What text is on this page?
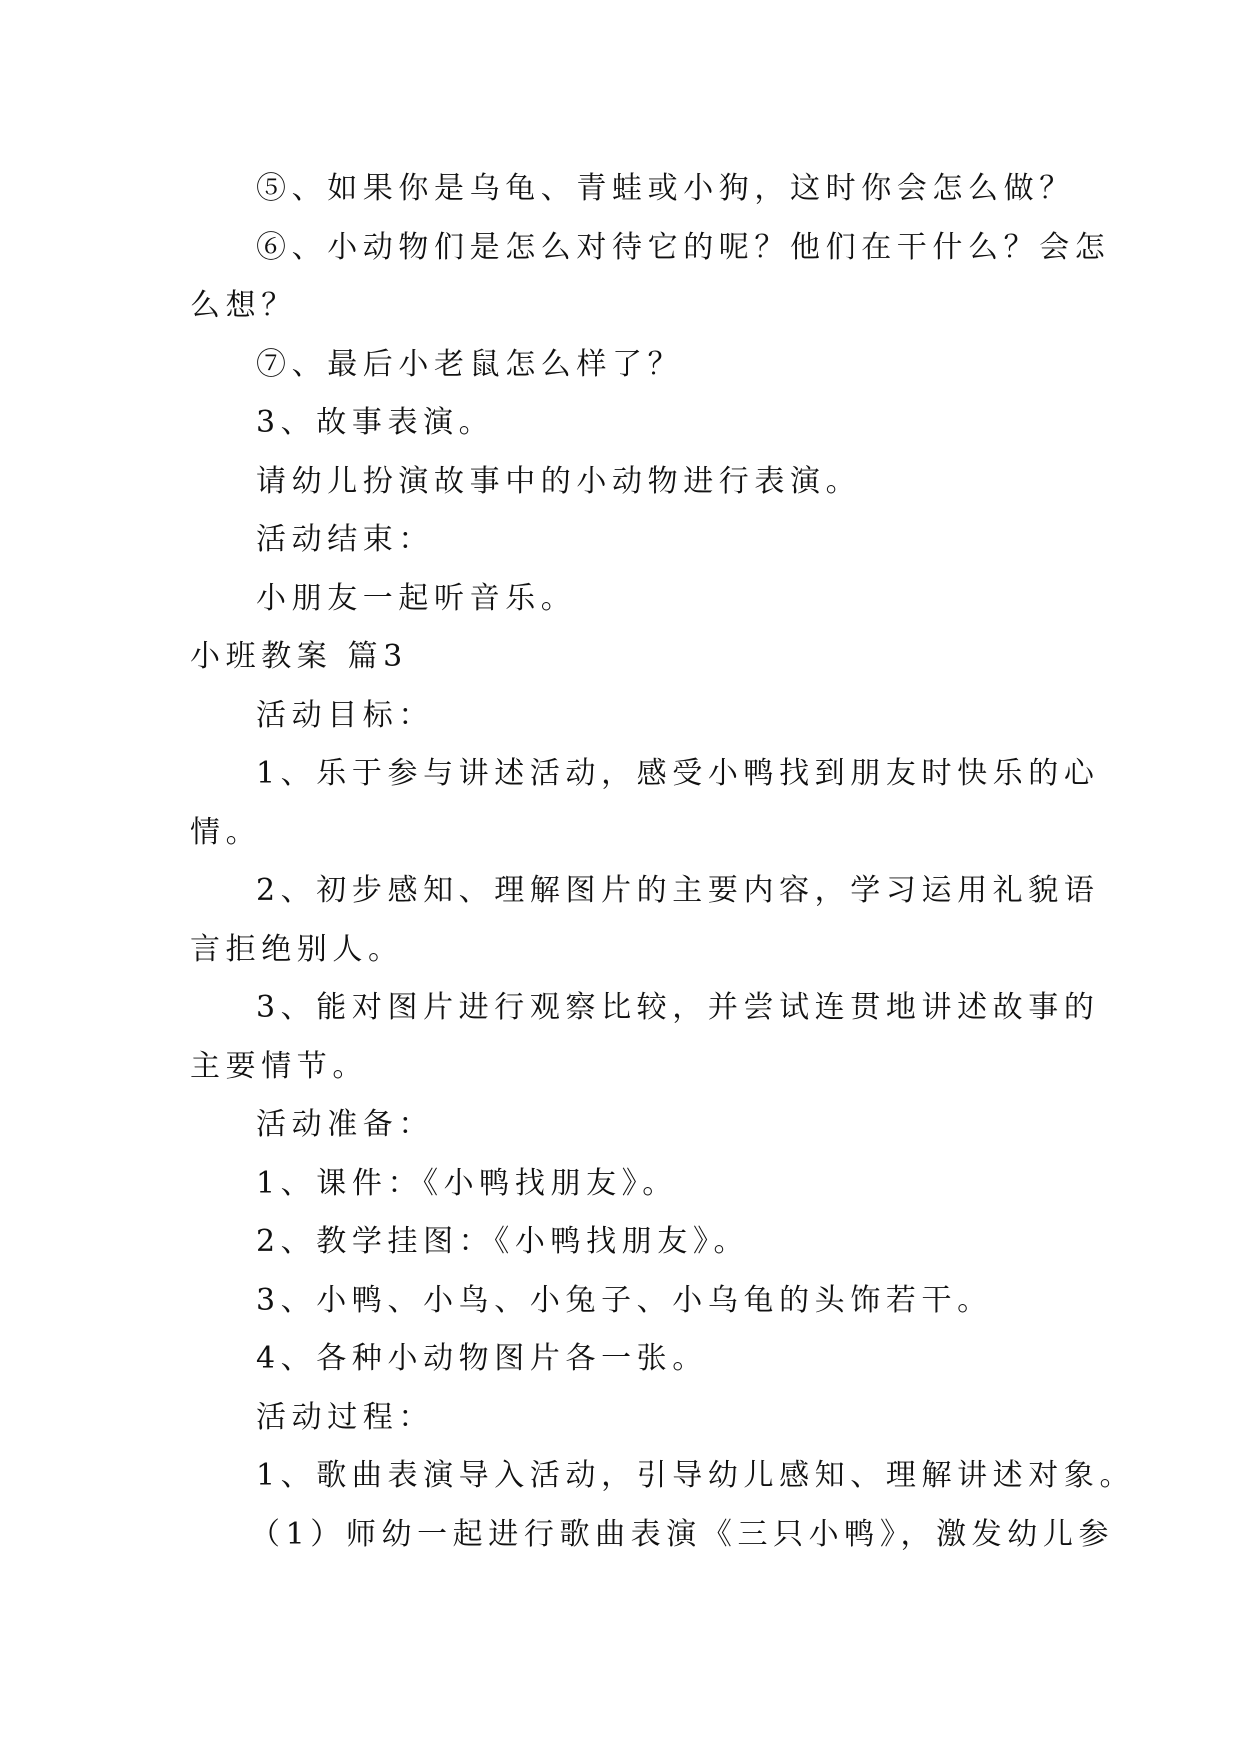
⑤、如果你是乌龟、青蛙或小狗，这时你会怎么做？

⑥、小动物们是怎么对待它的呢？他们在干什么？会怎

么想？

⑦、最后小老鼠怎么样了？

3、故事表演。

请幼儿扮演故事中的小动物进行表演。

活动结束：

小朋友一起听音乐。

小班教案 篇3

活动目标：

1、乐于参与讲述活动，感受小鸭找到朋友时快乐的心

情。

2、初步感知、理解图片的主要内容，学习运用礼貌语

言拒绝别人。

3、能对图片进行观察比较，并尝试连贯地讲述故事的

主要情节。

活动准备：

1、课件：《小鸭找朋友》。

2、教学挂图：《小鸭找朋友》。

3、小鸭、小鸟、小兔子、小乌龟的头饰若干。

4、各种小动物图片各一张。

活动过程：

1、歌曲表演导入活动，引导幼儿感知、理解讲述对象。

（1）师幼一起进行歌曲表演《三只小鸭》，激发幼儿参
